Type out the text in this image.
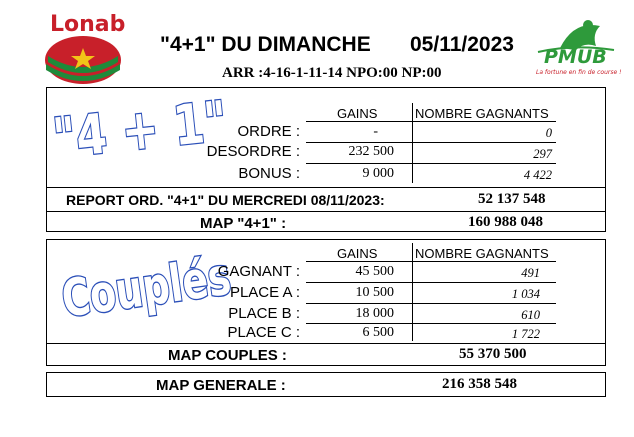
Lonab
PMUB
La fortune en fin de course !
"4+1" DU DIMANCHE 05/11/2023
ARR :4-16-1-11-14 NPO:00 NP:00
"4 + 1"	GAINS	NOMBRE GAGNANTS
ORDRE :	-	0
DESORDRE :	232 500	297
BONUS :	9 000	4 422
REPORT ORD. "4+1" DU MERCREDI 08/11/2023:	52 137 548
MAP "4+1" :	160 988 048
Couplés	GAINS	NOMBRE GAGNANTS
GAGNANT :	45 500	491
PLACE A :	10 500	1 034
PLACE B :	18 000	610
PLACE C :	6 500	1 722
MAP COUPLES :	55 370 500
MAP GENERALE :	216 358 548
